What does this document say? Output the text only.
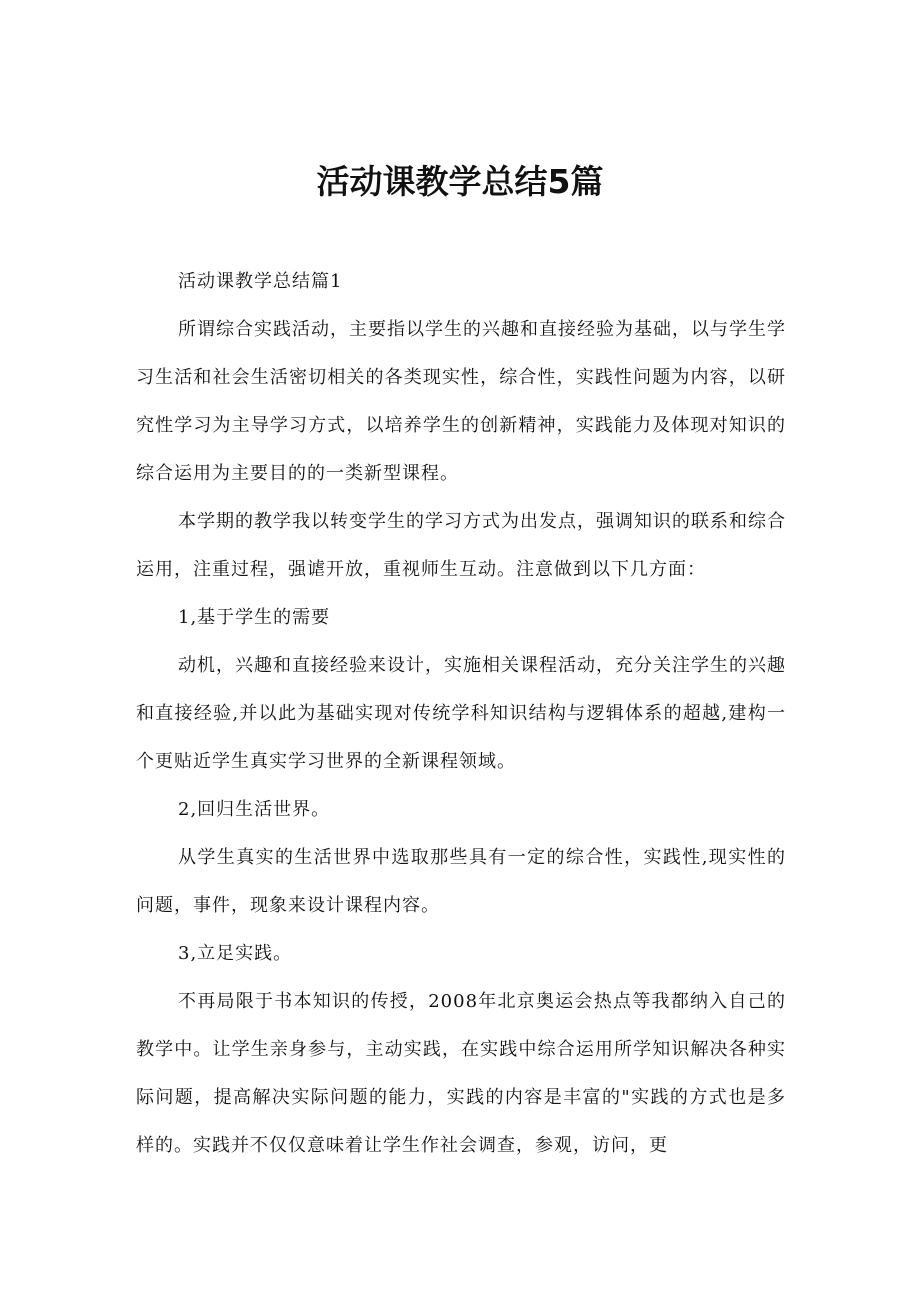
活动课教学总结5篇

活动课教学总结篇1

所谓综合实践活动，主要指以学生的兴趣和直接经验为基础，以与学生学习生活和社会生活密切相关的各类现实性，综合性，实践性问题为内容，以研究性学习为主导学习方式，以培养学生的创新精神，实践能力及体现对知识的综合运用为主要目的的一类新型课程。

本学期的教学我以转变学生的学习方式为出发点，强调知识的联系和综合运用，注重过程，强谑开放，重视师生互动。注意做到以下几方面：

1,基于学生的需要

动机，兴趣和直接经验来设计，实施相关课程活动，充分关注学生的兴趣和直接经验,并以此为基础实现对传统学科知识结构与逻辑体系的超越,建构一个更贴近学生真实学习世界的全新课程领域。

2,回归生活世界。

从学生真实的生活世界中选取那些具有一定的综合性，实践性,现实性的问题，事件，现象来设计课程内容。

3,立足实践。

不再局限于书本知识的传授，2008年北京奥运会热点等我都纳入自己的教学中。让学生亲身参与，主动实践，在实践中综合运用所学知识解决各种实际问题，提高解决实际问题的能力，实践的内容是丰富的"实践的方式也是多样的。实践并不仅仅意味着让学生作社会调查，参观，访问，更
